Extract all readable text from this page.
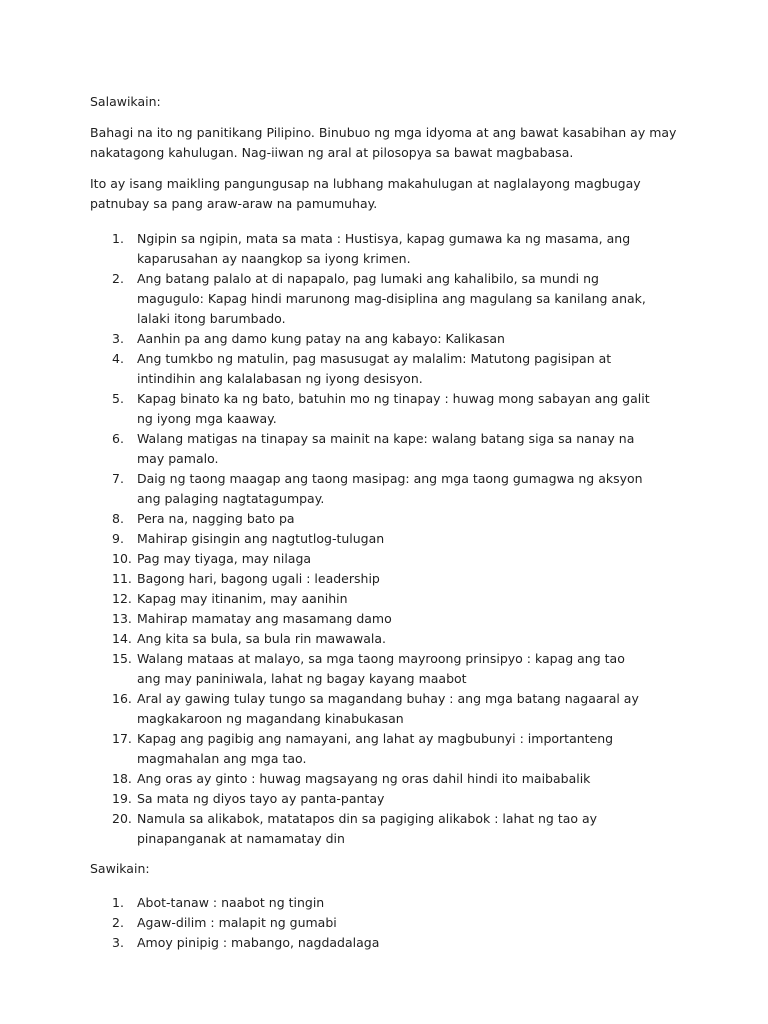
Salawikain:

Bahagi na ito ng panitikang Pilipino. Binubuo ng mga idyoma at ang bawat kasabihan ay may nakatagong kahulugan. Nag-iiwan ng aral at pilosopya sa bawat magbabasa.

Ito ay isang maikling pangungusap na lubhang makahulugan at naglalayong magbugay patnubay sa pang araw-araw na pamumuhay.

1. Ngipin sa ngipin, mata sa mata : Hustisya, kapag gumawa ka ng masama, ang kaparusahan ay naangkop sa iyong krimen.
2. Ang batang palalo at di napapalo, pag lumaki ang kahalibilo, sa mundi ng magugulo: Kapag hindi marunong mag-disiplina ang magulang sa kanilang anak, lalaki itong barumbado.
3. Aanhin pa ang damo kung patay na ang kabayo: Kalikasan
4. Ang tumkbo ng matulin, pag masusugat ay malalim: Matutong pagisipan at intindihin ang kalalabasan ng iyong desisyon.
5. Kapag binato ka ng bato, batuhin mo ng tinapay : huwag mong sabayan ang galit ng iyong mga kaaway.
6. Walang matigas na tinapay sa mainit na kape: walang batang siga sa nanay na may pamalo.
7. Daig ng taong maagap ang taong masipag: ang mga taong gumagwa ng aksyon ang palaging nagtatagumpay.
8. Pera na, nagging bato pa
9. Mahirap gisingin ang nagtutlog-tulugan
10. Pag may tiyaga, may nilaga
11. Bagong hari, bagong ugali : leadership
12. Kapag may itinanim, may aanihin
13. Mahirap mamatay ang masamang damo
14. Ang kita sa bula, sa bula rin mawawala.
15. Walang mataas at malayo, sa mga taong mayroong prinsipyo : kapag ang tao ang may paniniwala, lahat ng bagay kayang maabot
16. Aral ay gawing tulay tungo sa magandang buhay : ang mga batang nagaaral ay magkakaroon ng magandang kinabukasan
17. Kapag ang pagibig ang namayani, ang lahat ay magbubunyi : importanteng magmahalan ang mga tao.
18. Ang oras ay ginto : huwag magsayang ng oras dahil hindi ito maibabalik
19. Sa mata ng diyos tayo ay panta-pantay
20. Namula sa alikabok, matatapos din sa pagiging alikabok : lahat ng tao ay pinapanganak at namamatay din
Sawikain:
1. Abot-tanaw : naabot ng tingin
2. Agaw-dilim : malapit ng gumabi
3. Amoy pinipig : mabango, nagdadalaga
